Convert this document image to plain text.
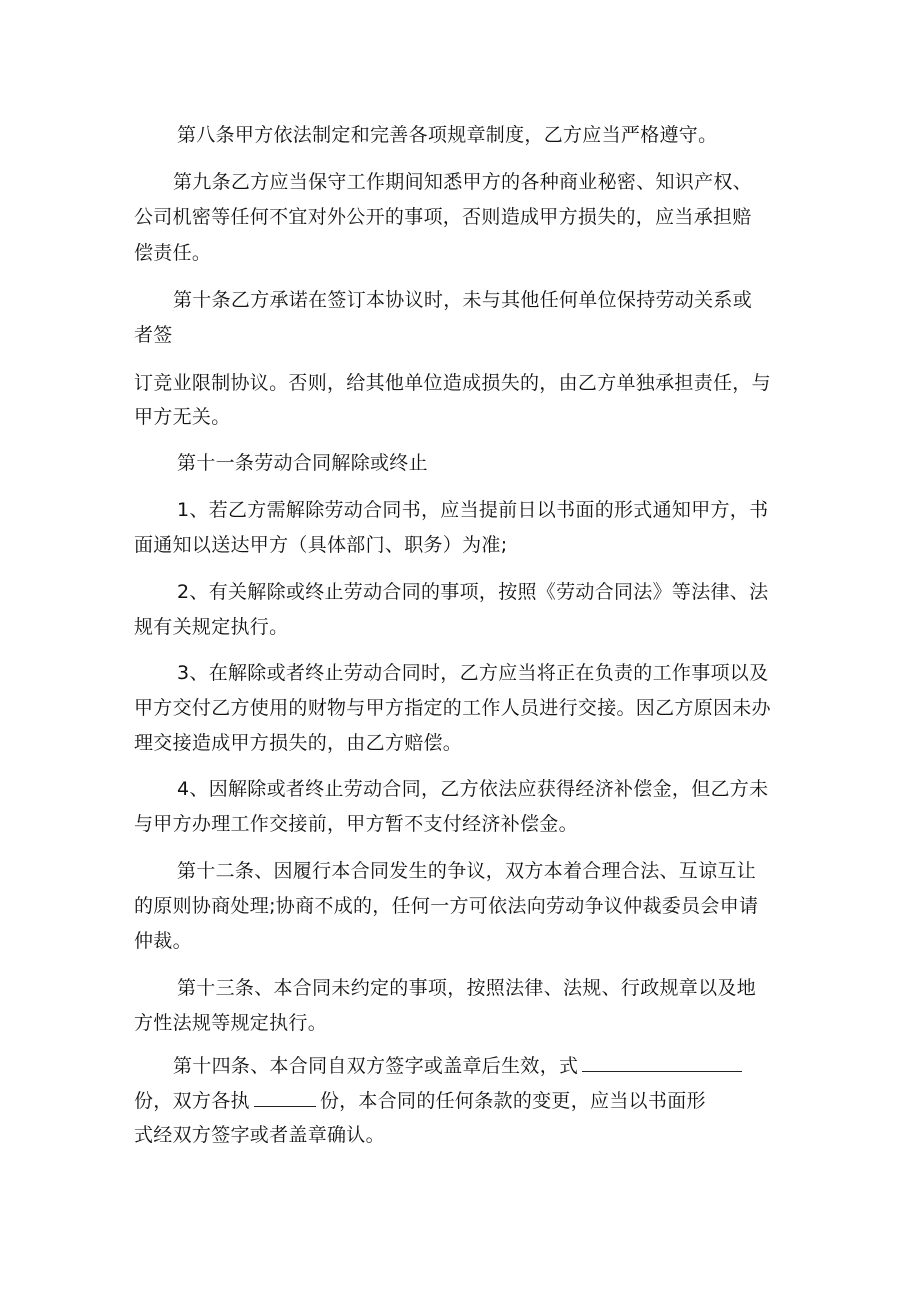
第八条甲方依法制定和完善各项规章制度，乙方应当严格遵守。
第九条乙方应当保守工作期间知悉甲方的各种商业秘密、知识产权、
公司机密等任何不宜对外公开的事项，否则造成甲方损失的，应当承担赔
偿责任。
第十条乙方承诺在签订本协议时，未与其他任何单位保持劳动关系或
者签
订竞业限制协议。否则，给其他单位造成损失的，由乙方单独承担责任，与
甲方无关。
第十一条劳动合同解除或终止
1、若乙方需解除劳动合同书，应当提前日以书面的形式通知甲方，书
面通知以送达甲方（具体部门、职务）为准;
2、有关解除或终止劳动合同的事项，按照《劳动合同法》等法律、法
规有关规定执行。
3、在解除或者终止劳动合同时，乙方应当将正在负责的工作事项以及
甲方交付乙方使用的财物与甲方指定的工作人员进行交接。因乙方原因未办
理交接造成甲方损失的，由乙方赔偿。
4、因解除或者终止劳动合同，乙方依法应获得经济补偿金，但乙方未
与甲方办理工作交接前，甲方暂不支付经济补偿金。
第十二条、因履行本合同发生的争议，双方本着合理合法、互谅互让
的原则协商处理;协商不成的，任何一方可依法向劳动争议仲裁委员会申请
仲裁。
第十三条、本合同未约定的事项，按照法律、法规、行政规章以及地
方性法规等规定执行。
第十四条、本合同自双方签字或盖章后生效，式
份，双方各执	份，本合同的任何条款的变更，应当以书面形
式经双方签字或者盖章确认。
